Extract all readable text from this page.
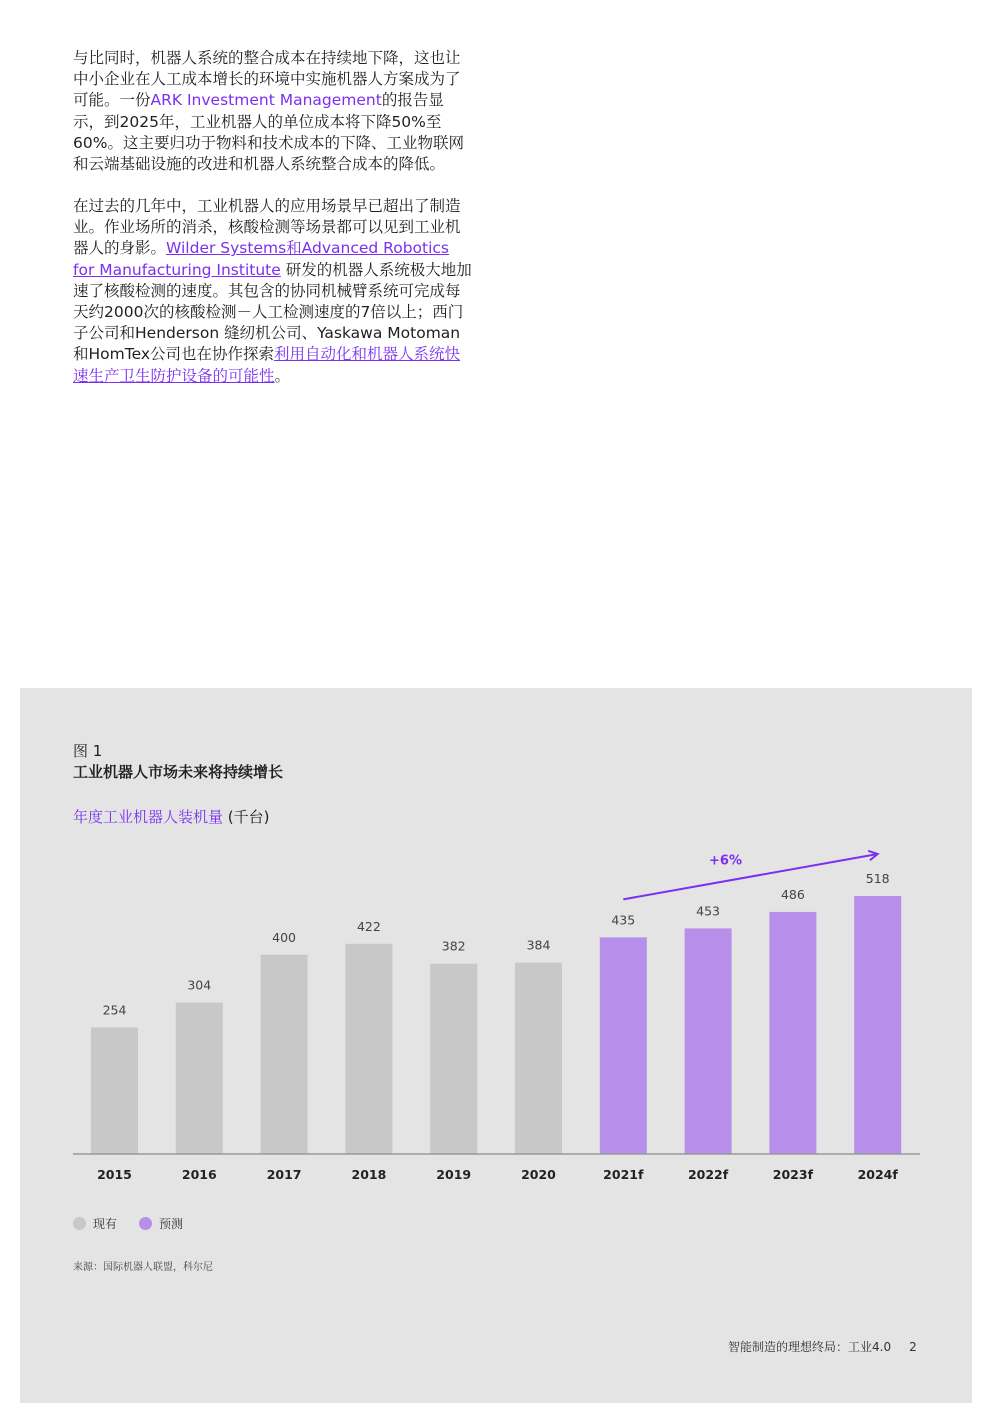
与比同时，机器人系统的整合成本在持续地下降，这也让中小企业在人工成本增长的环境中实施机器人方案成为了可能。一份ARK Investment Management的报告显示，到2025年，工业机器人的单位成本将下降50%至60%。这主要归功于物料和技术成本的下降、工业物联网和云端基础设施的改进和机器人系统整合成本的降低。

在过去的几年中，工业机器人的应用场景早已超出了制造业。作业场所的消杀，核酸检测等场景都可以见到工业机器人的身影。Wilder Systems和Advanced Robotics for Manufacturing Institute 研发的机器人系统极大地加速了核酸检测的速度。其包含的协同机械臂系统可完成每天约2000次的核酸检测－人工检测速度的7倍以上；西门子公司和Henderson 缝纫机公司、Yaskawa Motoman和HomTex公司也在协作探索利用自动化和机器人系统快速生产卫生防护设备的可能性。

图 1
工业机器人市场未来将持续增长
年度工业机器人装机量 (千台)
254
2015
304
2016
400
2017
422
2018
382
2019
384
2020
435
2021f
453
2022f
486
2023f
518
2024f
+6%
现有	预测
来源：国际机器人联盟，科尔尼
智能制造的理想终局：工业4.0 2
